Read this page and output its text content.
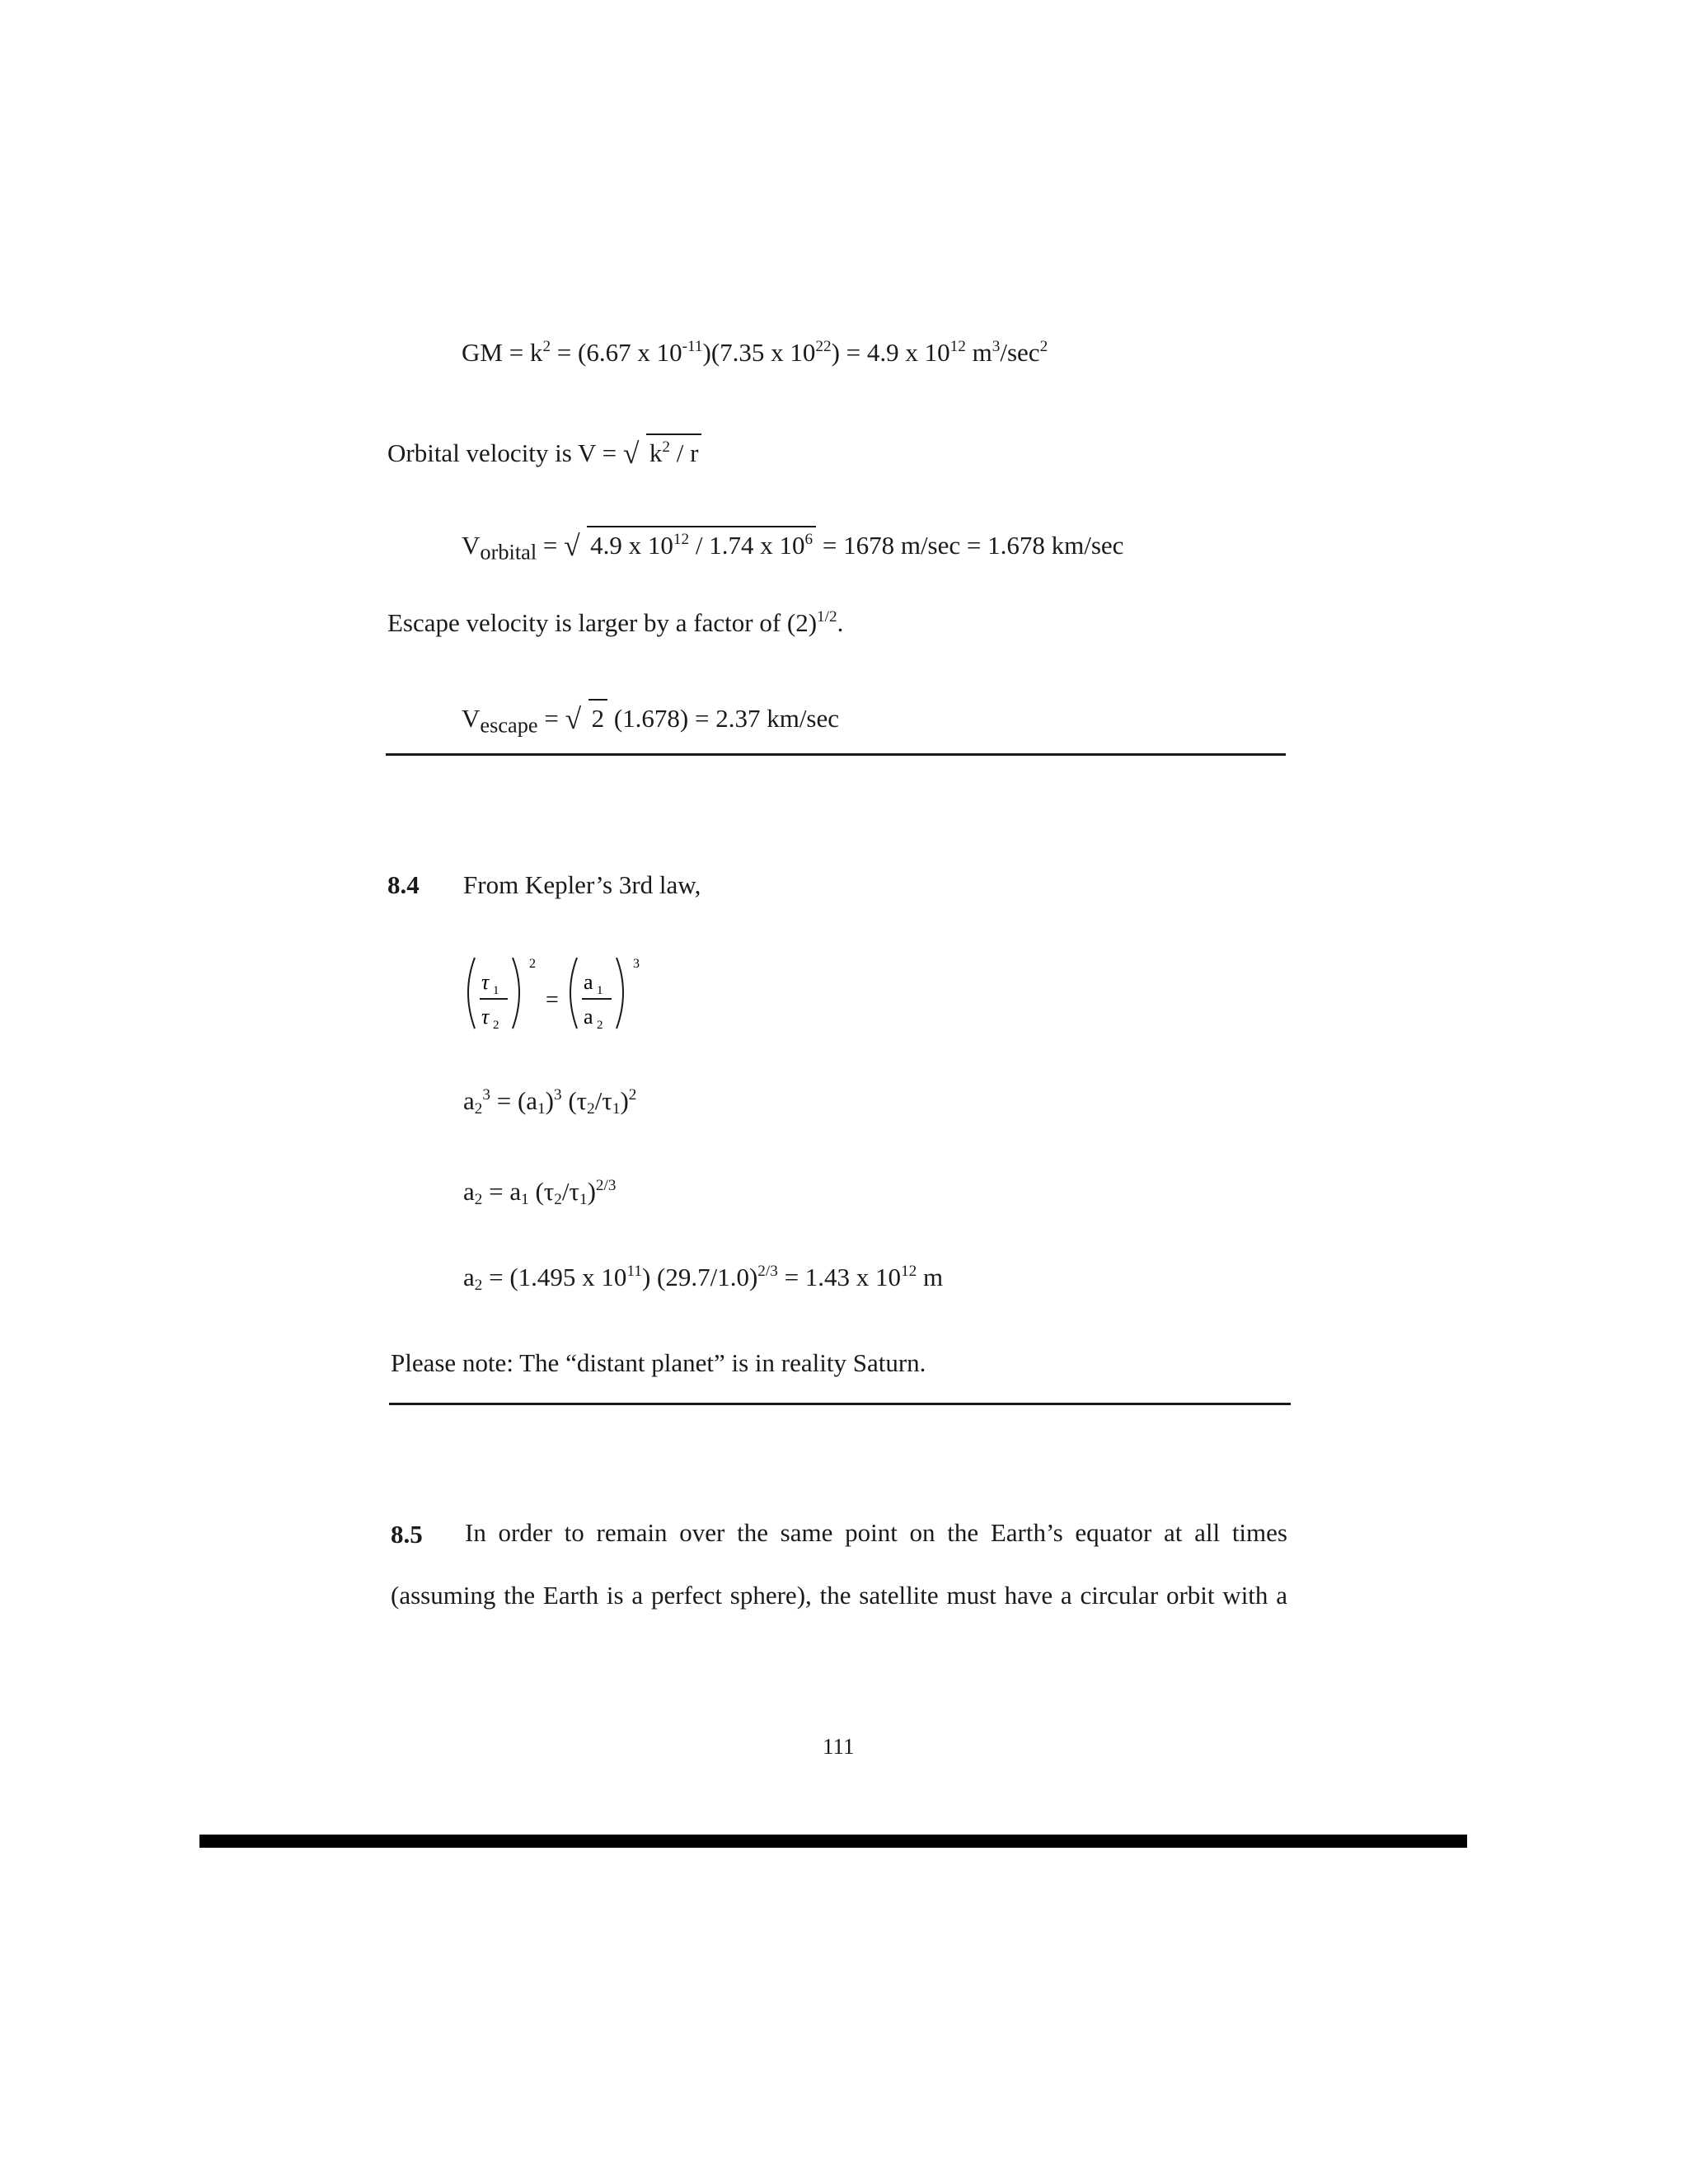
GM = $k^2 = (6.67$ x $10^{-11})(7.35$ x $10^{22}) = 4.9$ x $10^{12}$ $m^3/\sec^2$
Orbital velocity is V = √ $k^2$ / r
$V_{orbital}$ = √ 4.9 x $10^{12} / 1.74$ x $10^6 = 1678$ m/sec = 1.678 km/sec
Escape velocity is larger by a factor of $(2)^{1/2}$.
$V_{escape}$ = √ 2 (1.678) = 2.37 km/sec
8.4 From Kepler’s 3rd law,
τ 1
τ 2
2
=
a 1
a 2
3
$a_2^3 = (a_1)^3$ $(\tau_2/\tau_1)^2$
$a_2 = a_1$ $(\tau_2/\tau_1)^{2/3}$
$a_2 = (1.495$ x $10^{11}$) $(29.7/1.0)^{2/3} = 1.43$ x $10^{12}$ m
Please note: The “distant planet” is in reality Saturn.
8.5 In order to remain over the same point on the Earth’s equator at all times
(assuming the Earth is a perfect sphere), the satellite must have a circular orbit with a
111
